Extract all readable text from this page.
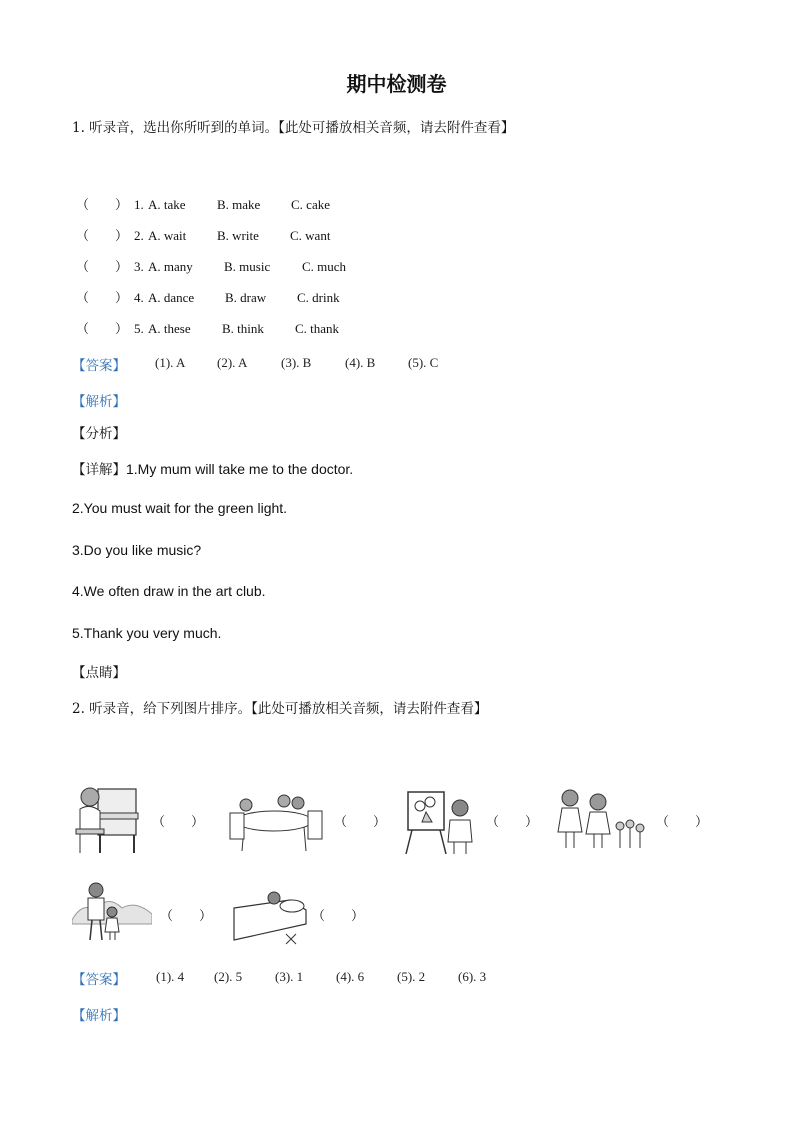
期中检测卷
1. 听录音，选出你所听到的单词。【此处可播放相关音频，请去附件查看】
（　　） 1. A. take B. make C. cake
（　　） 2. A. wait B. write C. want
（　　） 3. A. many B. music C. much
（　　） 4. A. dance B. draw C. drink
（　　） 5. A. these B. think C. thank
【答案】 (1). A (2). A	(3). B	(4). B	(5). C
【解析】
【分析】
【详解】1.My mum will take me to the doctor.
2.You must wait for the green light.
3.Do you like music?
4.We often draw in the art club.
5.Thank you very much.
【点睛】
2. 听录音，给下列图片排序。【此处可播放相关音频，请去附件查看】
（　　）	（　　）	（　　）	（　　）
（　　）	（　　）
【答案】 (1). 4 (2). 5	(3). 1	(4). 6	(5). 2	(6). 3
【解析】
